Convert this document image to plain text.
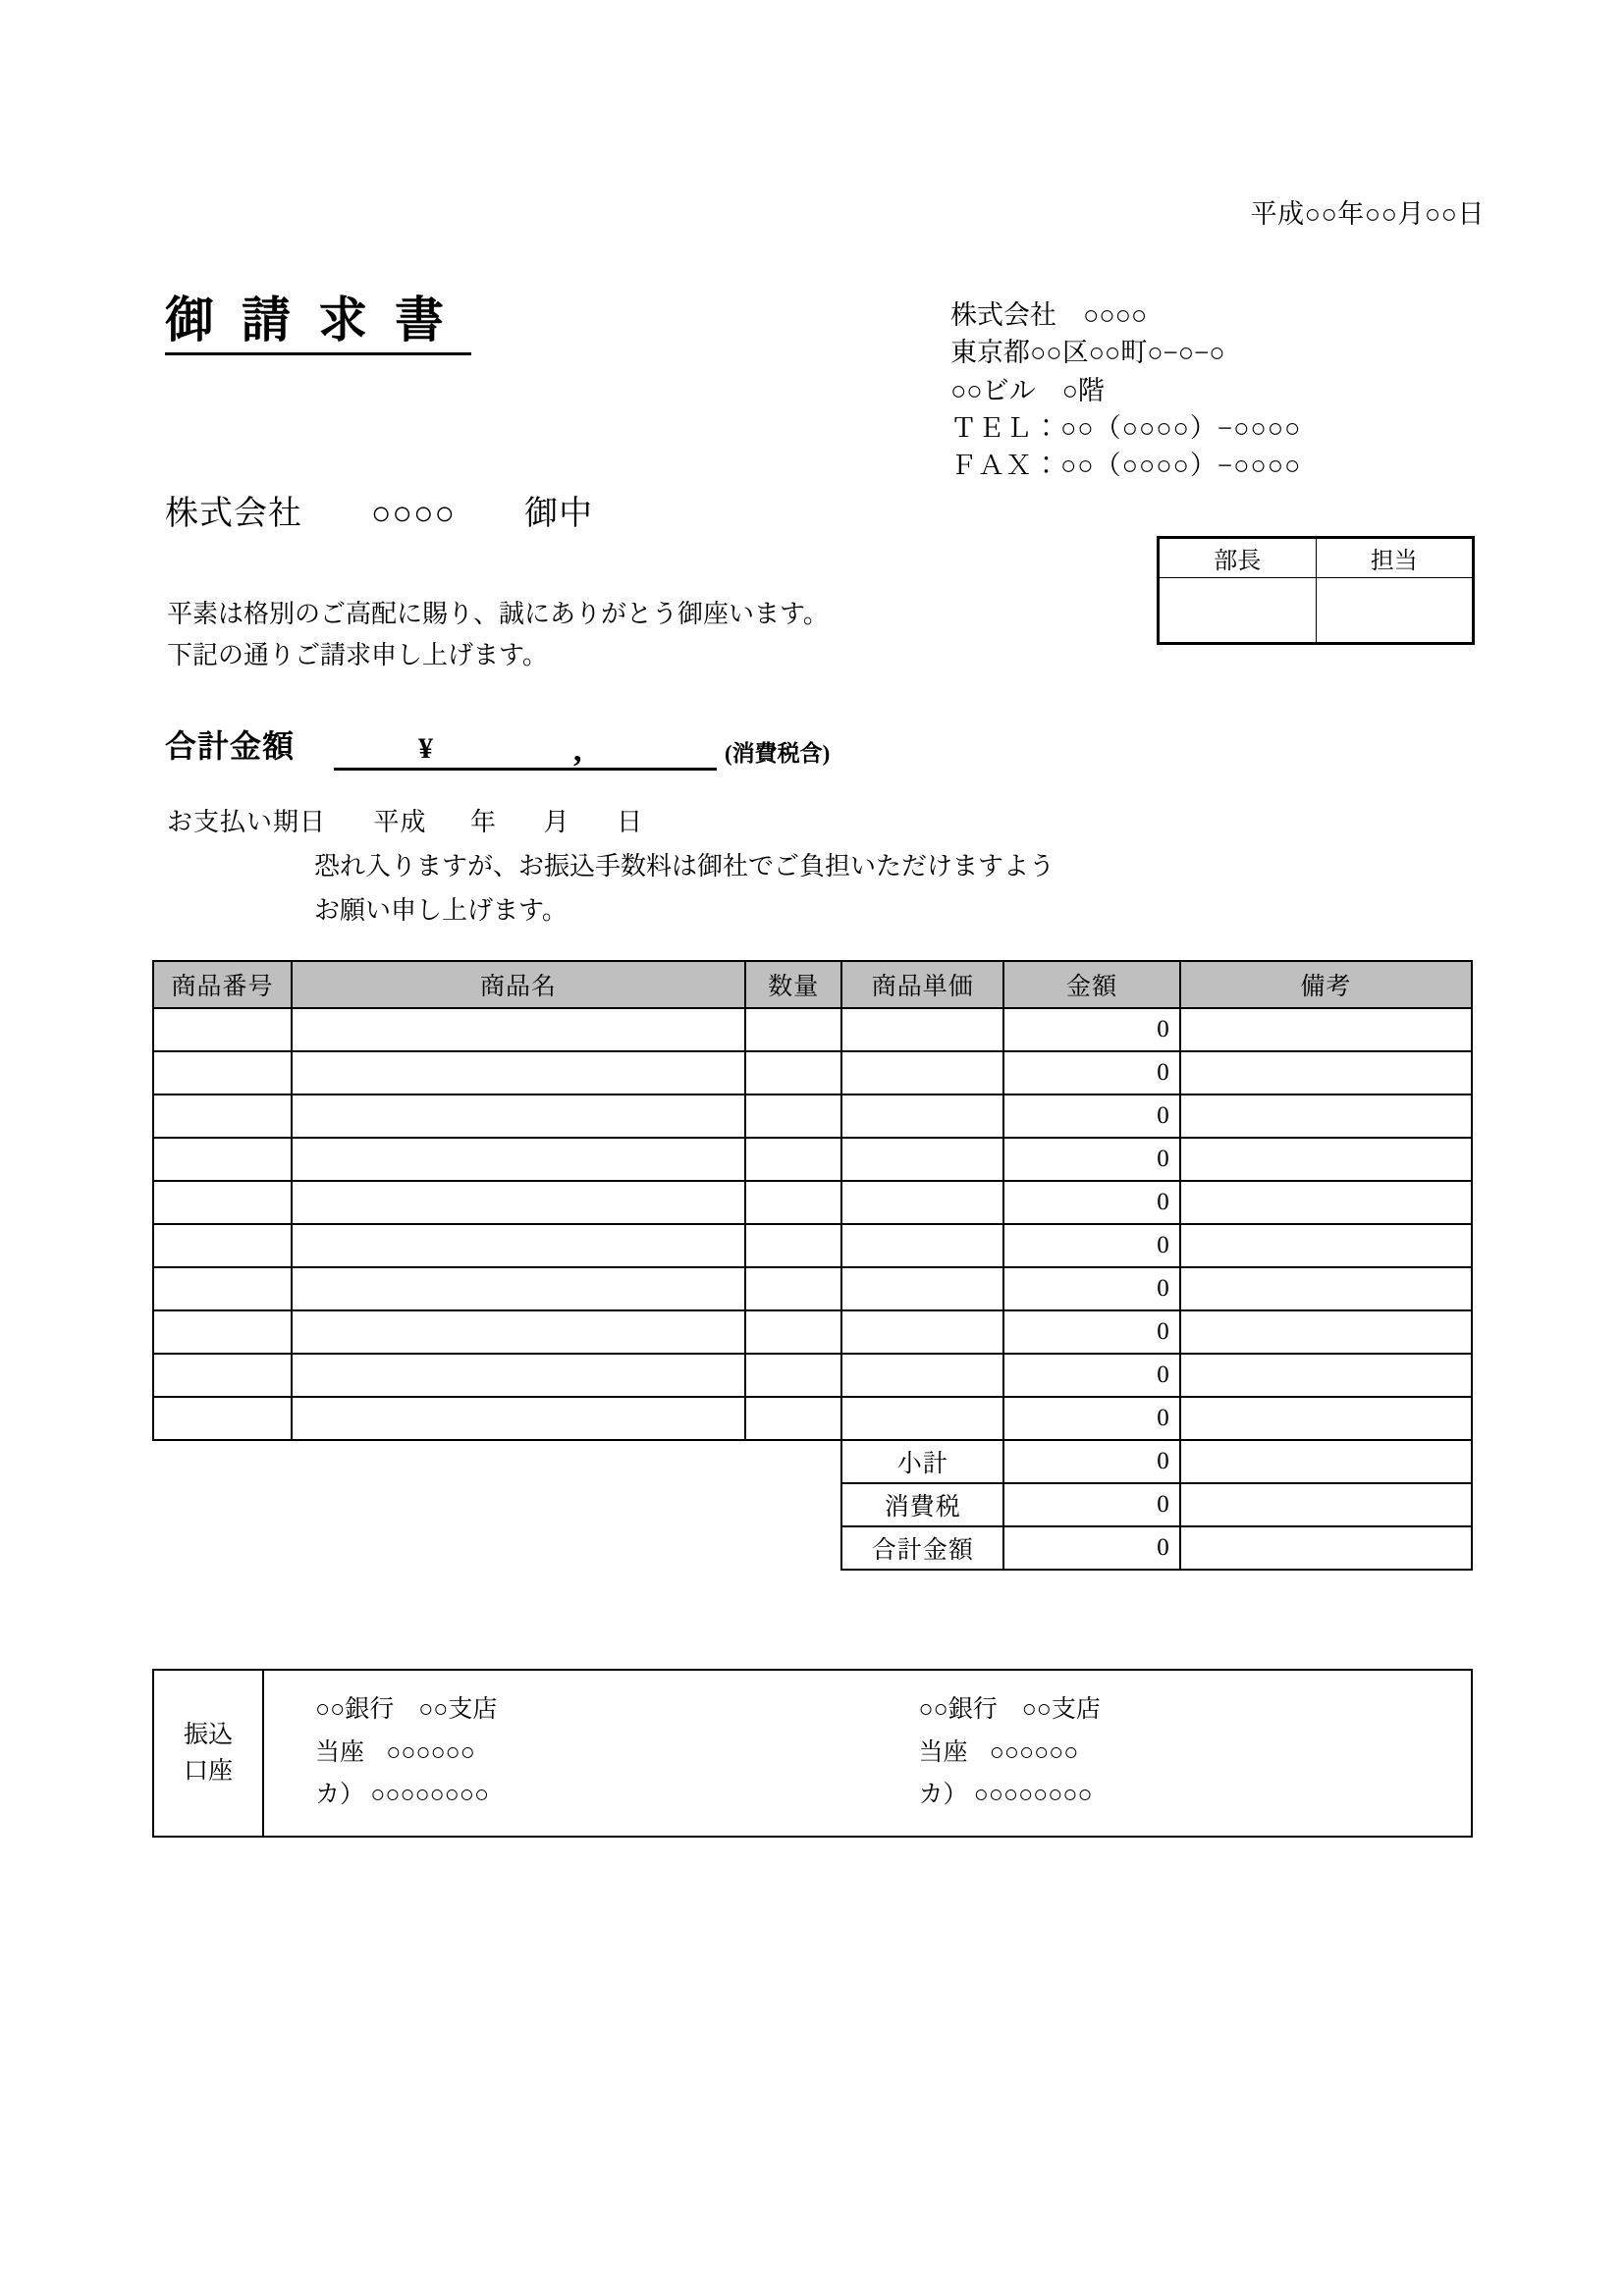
平成○○年○○月○○日
御請求書	株式会社　○○○○
東京都○○区○○町○−○−○
○○ビル　○階
ＴＥＬ：○○（○○○○）−○○○○
ＦＡＸ：○○（○○○○）−○○○○
株式会社　　○○○○　　御中
平素は格別のご高配に賜り、誠にありがとう御座います。
下記の通りご請求申し上げます。
部長	担当

合計金額	¥	,	(消費税含)
お支払い期日 平成 年 月 日
恐れ入りますが、お振込手数料は御社でご負担いただけますよう
お願い申し上げます。
商品番号	商品名	数量	商品単価	金額	備考
				0	
				0	
				0	
				0	
				0	
				0	
				0	
				0	
				0	
				0	
			小計	0	
			消費税	0	
			合計金額	0	
振込
口座
○○銀行　○○支店
当座 ○○○○○○
カ） ○○○○○○○○
○○銀行　○○支店
当座 ○○○○○○
カ） ○○○○○○○○
